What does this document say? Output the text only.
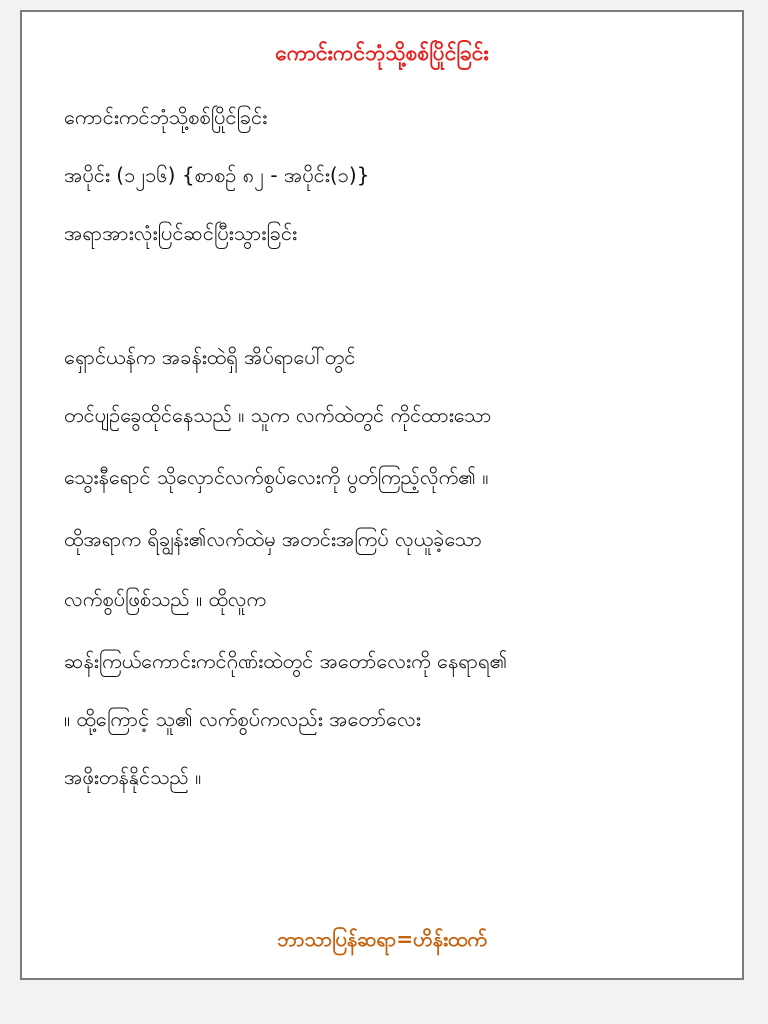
ကောင်းကင်ဘုံသို့စစ်ပြိုင်ခြင်း
ကောင်းကင်ဘုံသို့စစ်ပြိုင်ခြင်း
အပိုင်း (၁၂၁၆) {စာစဉ် ၈၂ - အပိုင်း(၁)}
အရာအားလုံးပြင်ဆင်ပြီးသွားခြင်း
ရှောင်ယန်က အခန်းထဲရှိ အိပ်ရာပေါ်တွင်
တင်ပျဉ်ခွေထိုင်နေသည် ။ သူက လက်ထဲတွင် ကိုင်ထားသော
သွေးနီရောင် သိုလှောင်လက်စွပ်လေးကို ပွတ်ကြည့်လိုက်၏ ။
ထိုအရာက ရိချွန်း၏လက်ထဲမှ အတင်းအကြပ် လုယူခဲ့သော
လက်စွပ်ဖြစ်သည် ။ ထိုလူက
ဆန်းကြယ်ကောင်းကင်ဂိုဏ်းထဲတွင် အတော်လေးကို နေရာရ၏
။ ထို့ကြောင့် သူ၏ လက်စွပ်ကလည်း အတော်လေး
အဖိုးတန်နိုင်သည် ။
ဘာသာပြန်ဆရာ=ဟိန်းထက်
